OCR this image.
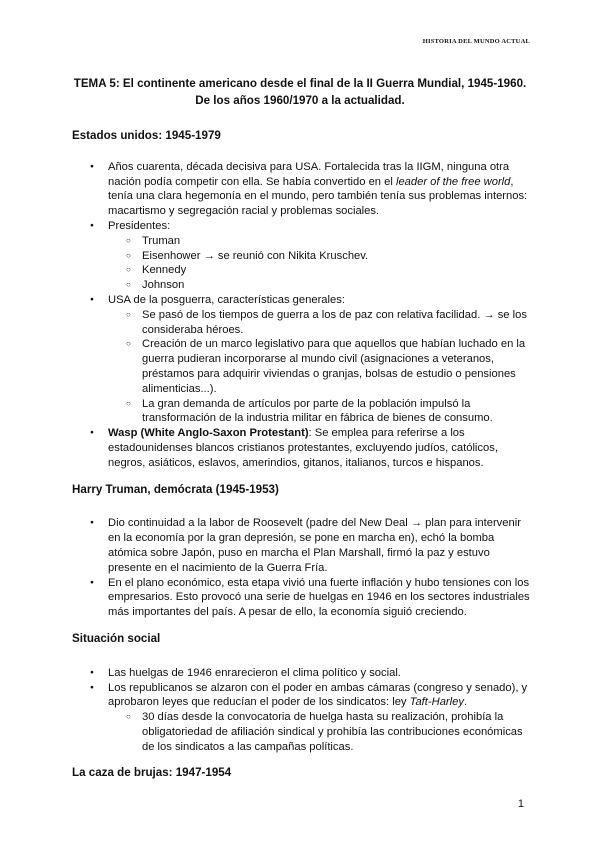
HISTORIA DEL MUNDO ACTUAL
TEMA 5: El continente americano desde el final de la II Guerra Mundial, 1945-1960. De los años 1960/1970 a la actualidad.
Estados unidos: 1945-1979
● Años cuarenta, década decisiva para USA. Fortalecida tras la IIGM, ninguna otra nación podía competir con ella. Se había convertido en el leader of the free world, tenía una clara hegemonía en el mundo, pero también tenía sus problemas internos: macartismo y segregación racial y problemas sociales.
● Presidentes:
○ Truman
○ Eisenhower → se reunió con Nikita Kruschev.
○ Kennedy
○ Johnson
● USA de la posguerra, características generales:
○ Se pasó de los tiempos de guerra a los de paz con relativa facilidad. → se los consideraba héroes.
○ Creación de un marco legislativo para que aquellos que habían luchado en la guerra pudieran incorporarse al mundo civil (asignaciones a veteranos, préstamos para adquirir viviendas o granjas, bolsas de estudio o pensiones alimenticias...).
○ La gran demanda de artículos por parte de la población impulsó la transformación de la industria militar en fábrica de bienes de consumo.
● Wasp (White Anglo-Saxon Protestant): Se emplea para referirse a los estadounidenses blancos cristianos protestantes, excluyendo judíos, católicos, negros, asiáticos, eslavos, amerindios, gitanos, italianos, turcos e hispanos.
Harry Truman, demócrata (1945-1953)
● Dio continuidad a la labor de Roosevelt (padre del New Deal → plan para intervenir en la economía por la gran depresión, se pone en marcha en), echó la bomba atómica sobre Japón, puso en marcha el Plan Marshall, firmó la paz y estuvo presente en el nacimiento de la Guerra Fría.
● En el plano económico, esta etapa vivió una fuerte inflación y hubo tensiones con los empresarios. Esto provocó una serie de huelgas en 1946 en los sectores industriales más importantes del país. A pesar de ello, la economía siguió creciendo.
Situación social
● Las huelgas de 1946 enrarecieron el clima político y social.
● Los republicanos se alzaron con el poder en ambas cámaras (congreso y senado), y aprobaron leyes que reducían el poder de los sindicatos: ley Taft-Harley.
○ 30 días desde la convocatoria de huelga hasta su realización, prohibía la obligatoriedad de afiliación sindical y prohibía las contribuciones económicas de los sindicatos a las campañas políticas.
La caza de brujas: 1947-1954
1
